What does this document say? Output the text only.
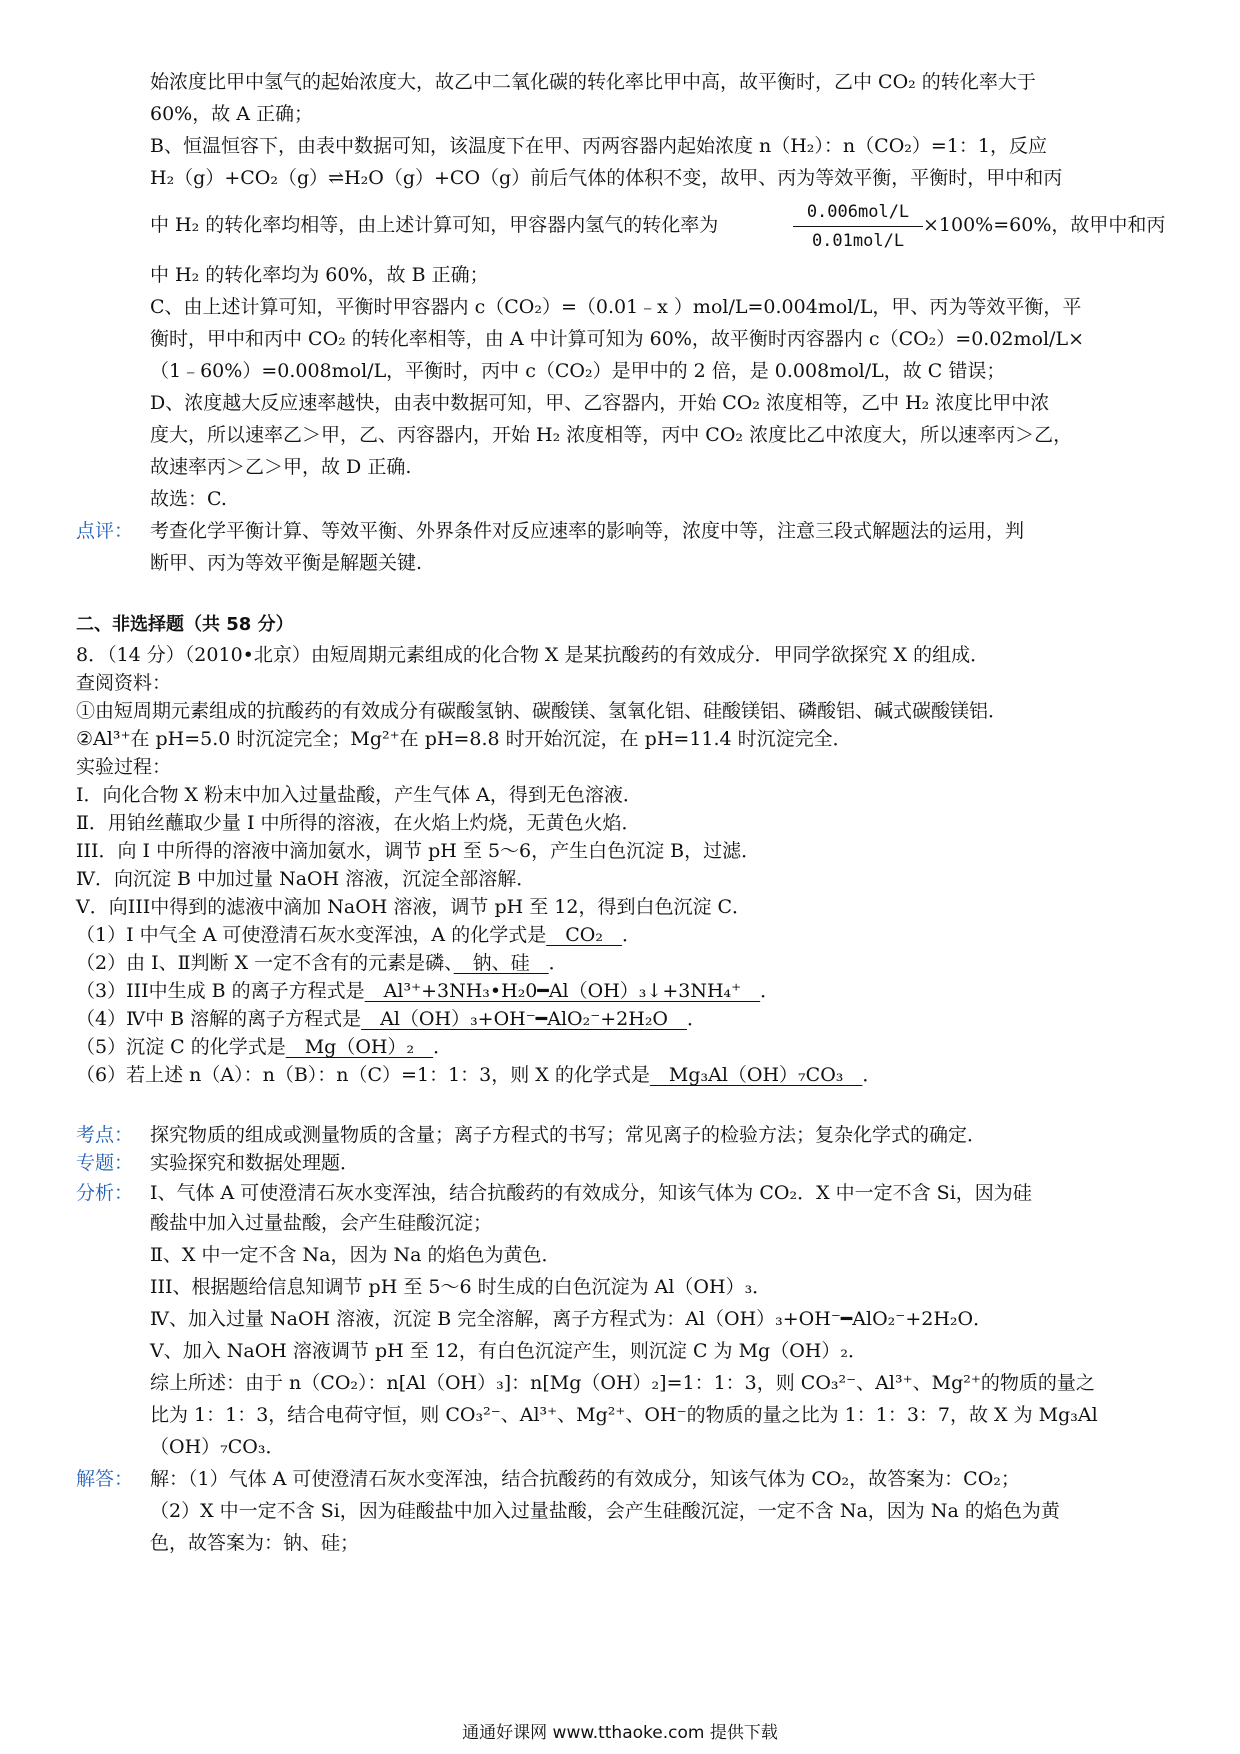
始浓度比甲中氢气的起始浓度大，故乙中二氧化碳的转化率比甲中高，故平衡时，乙中 CO₂ 的转化率大于
60%，故 A 正确；
B、恒温恒容下，由表中数据可知，该温度下在甲、丙两容器内起始浓度 n（H₂）：n（CO₂）=1：1，反应
H₂（g）+CO₂（g）⇌H₂O（g）+CO（g）前后气体的体积不变，故甲、丙为等效平衡，平衡时，甲中和丙
中 H₂ 的转化率均相等，由上述计算可知，甲容器内氢气的转化率为
0.006mol/L
0.01mol/L
×100%=60%，故甲中和丙
中 H₂ 的转化率均为 60%，故 B 正确；
C、由上述计算可知，平衡时甲容器内 c（CO₂）=（0.01﹣x ）mol/L=0.004mol/L，甲、丙为等效平衡，平
衡时，甲中和丙中 CO₂ 的转化率相等，由 A 中计算可知为 60%，故平衡时丙容器内 c（CO₂）=0.02mol/L×
（1﹣60%）=0.008mol/L，平衡时，丙中 c（CO₂）是甲中的 2 倍，是 0.008mol/L，故 C 错误；
D、浓度越大反应速率越快，由表中数据可知，甲、乙容器内，开始 CO₂ 浓度相等，乙中 H₂ 浓度比甲中浓
度大，所以速率乙＞甲，乙、丙容器内，开始 H₂ 浓度相等，丙中 CO₂ 浓度比乙中浓度大，所以速率丙＞乙，
故速率丙＞乙＞甲，故 D 正确.
故选：C.
点评： 考查化学平衡计算、等效平衡、外界条件对反应速率的影响等，浓度中等，注意三段式解题法的运用，判
断甲、丙为等效平衡是解题关键.
二、非选择题（共 58 分）
8．（14 分）（2010•北京）由短周期元素组成的化合物 X 是某抗酸药的有效成分．甲同学欲探究 X 的组成．
查阅资料：
①由短周期元素组成的抗酸药的有效成分有碳酸氢钠、碳酸镁、氢氧化铝、硅酸镁铝、磷酸铝、碱式碳酸镁铝．
②Al³⁺在 pH=5.0 时沉淀完全；Mg²⁺在 pH=8.8 时开始沉淀，在 pH=11.4 时沉淀完全．
实验过程：
I．向化合物 X 粉末中加入过量盐酸，产生气体 A，得到无色溶液．
Ⅱ．用铂丝蘸取少量 I 中所得的溶液，在火焰上灼烧，无黄色火焰．
III．向 I 中所得的溶液中滴加氨水，调节 pH 至 5～6，产生白色沉淀 B，过滤．
Ⅳ．向沉淀 B 中加过量 NaOH 溶液，沉淀全部溶解．
Ⅴ．向III中得到的滤液中滴加 NaOH 溶液，调节 pH 至 12，得到白色沉淀 C．
（1）I 中气全 A 可使澄清石灰水变浑浊，A 的化学式是　CO₂　．
（2）由 I、Ⅱ判断 X 一定不含有的元素是磷、　钠、硅　．
（3）III中生成 B 的离子方程式是　Al³⁺+3NH₃•H₂0━Al（OH）₃↓+3NH₄⁺　．
（4）Ⅳ中 B 溶解的离子方程式是　Al（OH）₃+OH⁻━AlO₂⁻+2H₂O　．
（5）沉淀 C 的化学式是　Mg（OH）₂　．
（6）若上述 n（A）：n（B）：n（C）=1：1：3，则 X 的化学式是　Mg₃Al（OH）₇CO₃　．
考点： 探究物质的组成或测量物质的含量；离子方程式的书写；常见离子的检验方法；复杂化学式的确定．
专题： 实验探究和数据处理题．
分析： Ⅰ、气体 A 可使澄清石灰水变浑浊，结合抗酸药的有效成分，知该气体为 CO₂．X 中一定不含 Si，因为硅
酸盐中加入过量盐酸，会产生硅酸沉淀；
Ⅱ、X 中一定不含 Na，因为 Na 的焰色为黄色．
III、根据题给信息知调节 pH 至 5～6 时生成的白色沉淀为 Al（OH）₃．
Ⅳ、加入过量 NaOH 溶液，沉淀 B 完全溶解，离子方程式为：Al（OH）₃+OH⁻━AlO₂⁻+2H₂O．
Ⅴ、加入 NaOH 溶液调节 pH 至 12，有白色沉淀产生，则沉淀 C 为 Mg（OH）₂．
综上所述：由于 n（CO₂）：n[Al（OH）₃]：n[Mg（OH）₂]=1：1：3，则 CO₃²⁻、Al³⁺、Mg²⁺的物质的量之
比为 1：1：3，结合电荷守恒，则 CO₃²⁻、Al³⁺、Mg²⁺、OH⁻的物质的量之比为 1：1：3：7，故 X 为 Mg₃Al
（OH）₇CO₃．
解答： 解：（1）气体 A 可使澄清石灰水变浑浊，结合抗酸药的有效成分，知该气体为 CO₂，故答案为：CO₂；
（2）X 中一定不含 Si，因为硅酸盐中加入过量盐酸，会产生硅酸沉淀，一定不含 Na，因为 Na 的焰色为黄
色，故答案为：钠、硅；
通通好课网 www.tthaoke.com 提供下载
